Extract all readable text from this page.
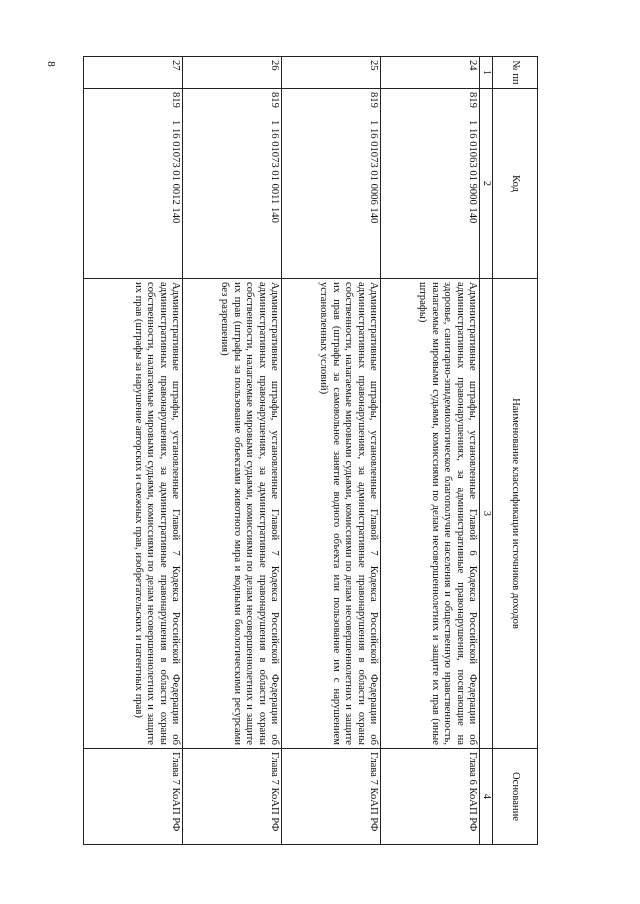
8	№ пп	Код	Наименование классификации источников доходов	Основание
1	2	3	4
24	8191 16 01063 01 9000 140	Административные штрафы, установленные Главой 6 Кодекса Российской Федерации об административных правонарушениях, за административные правонарушения, посягающие на здоровье, санитарно-эпидемиологическое благополучие населения и общественную нравственность, налагаемые мировыми судьями, комиссиями по делам несовершеннолетних и защите их прав (иные штрафы)	Глава 6 КоАП РФ
25	8191 16 01073 01 0006 140	Административные штрафы, установленные Главой 7 Кодекса Российской Федерации об административных правонарушениях, за административные правонарушения в области охраны собственности, налагаемые мировыми судьями, комиссиями по делам несовершеннолетних и защите их прав (штрафы за самовольное занятие водного объекта или пользование им с нарушением установленных условий)	Глава 7 КоАП РФ
26	8191 16 01073 01 0011 140	Административные штрафы, установленные Главой 7 Кодекса Российской Федерации об административных правонарушениях, за административные правонарушения в области охраны собственности, налагаемые мировыми судьями, комиссиями по делам несовершеннолетних и защите их прав (штрафы за пользование объектами животного мира и водными биологическими ресурсами без разрешения)	Глава 7 КоАП РФ
27	8191 16 01073 01 0012 140	Административные штрафы, установленные Главой 7 Кодекса Российской Федерации об административных правонарушениях, за административные правонарушения в области охраны собственности, налагаемые мировыми судьями, комиссиями по делам несовершеннолетних и защите их прав (штрафы за нарушение авторских и смежных прав, изобретательских и патентных прав)	Глава 7 КоАП РФ
